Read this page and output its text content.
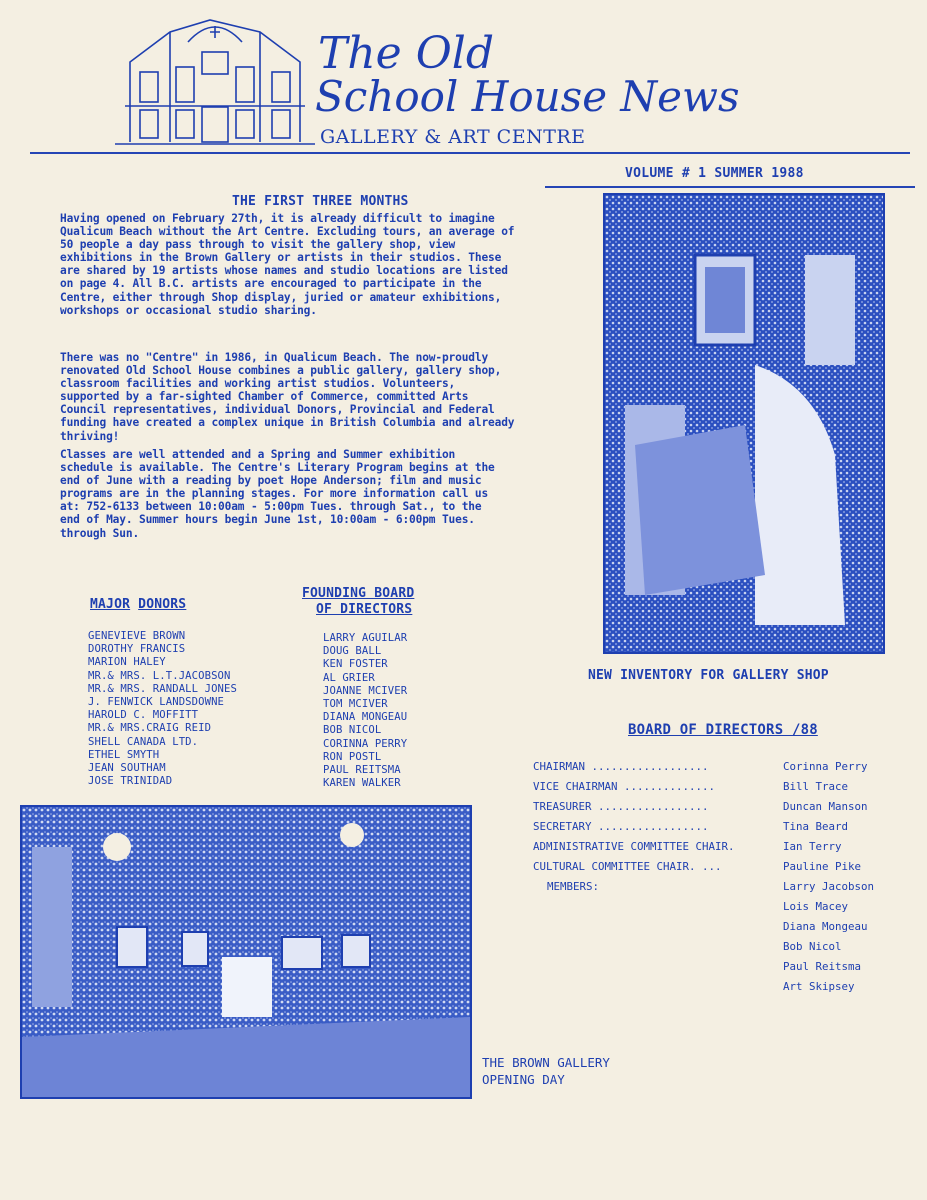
The Old
School House News
GALLERY & ART CENTRE
VOLUME # 1 SUMMER 1988
THE FIRST THREE MONTHS
Having opened on February 27th, it is already difficult to imagine Qualicum Beach without the Art Centre. Excluding tours, an average of 50 people a day pass through to visit the gallery shop, view exhibitions in the Brown Gallery or artists in their studios. These are shared by 19 artists whose names and studio locations are listed on page 4. All B.C. artists are encouraged to participate in the Centre, either through Shop display, juried or amateur exhibitions, workshops or occasional studio sharing.
There was no "Centre" in 1986, in Qualicum Beach. The now-proudly renovated Old School House combines a public gallery, gallery shop, classroom facilities and working artist studios. Volunteers, supported by a far-sighted Chamber of Commerce, committed Arts Council representatives, individual Donors, Provincial and Federal funding have created a complex unique in British Columbia and already thriving!
Classes are well attended and a Spring and Summer exhibition schedule is available. The Centre's Literary Program begins at the end of June with a reading by poet Hope Anderson; film and music programs are in the planning stages. For more information call us at: 752-6133 between 10:00am - 5:00pm Tues. through Sat., to the end of May. Summer hours begin June 1st, 10:00am - 6:00pm Tues. through Sun.
NEW INVENTORY FOR GALLERY SHOP
MAJOR DONORS
GENEVIEVE BROWN
DOROTHY FRANCIS
MARION HALEY
MR.& MRS. L.T.JACOBSON
MR.& MRS. RANDALL JONES
J. FENWICK LANDSDOWNE
HAROLD C. MOFFITT
MR.& MRS.CRAIG REID
SHELL CANADA LTD.
ETHEL SMYTH
JEAN SOUTHAM
JOSE TRINIDAD
FOUNDING BOARD
OF DIRECTORS
LARRY AGUILAR
DOUG BALL
KEN FOSTER
AL GRIER
JOANNE MCIVER
TOM MCIVER
DIANA MONGEAU
BOB NICOL
CORINNA PERRY
RON POSTL
PAUL REITSMA
KAREN WALKER
THE BROWN GALLERY
OPENING DAY
BOARD OF DIRECTORS /88
CHAIRMAN ..................	Corinna Perry
VICE CHAIRMAN ..............	Bill Trace
TREASURER .................	Duncan Manson
SECRETARY .................	Tina Beard
ADMINISTRATIVE COMMITTEE CHAIR.	Ian Terry
CULTURAL COMMITTEE CHAIR. ...	Pauline Pike
MEMBERS:	Larry Jacobson
Lois Macey
Diana Mongeau
Bob Nicol
Paul Reitsma
Art Skipsey
